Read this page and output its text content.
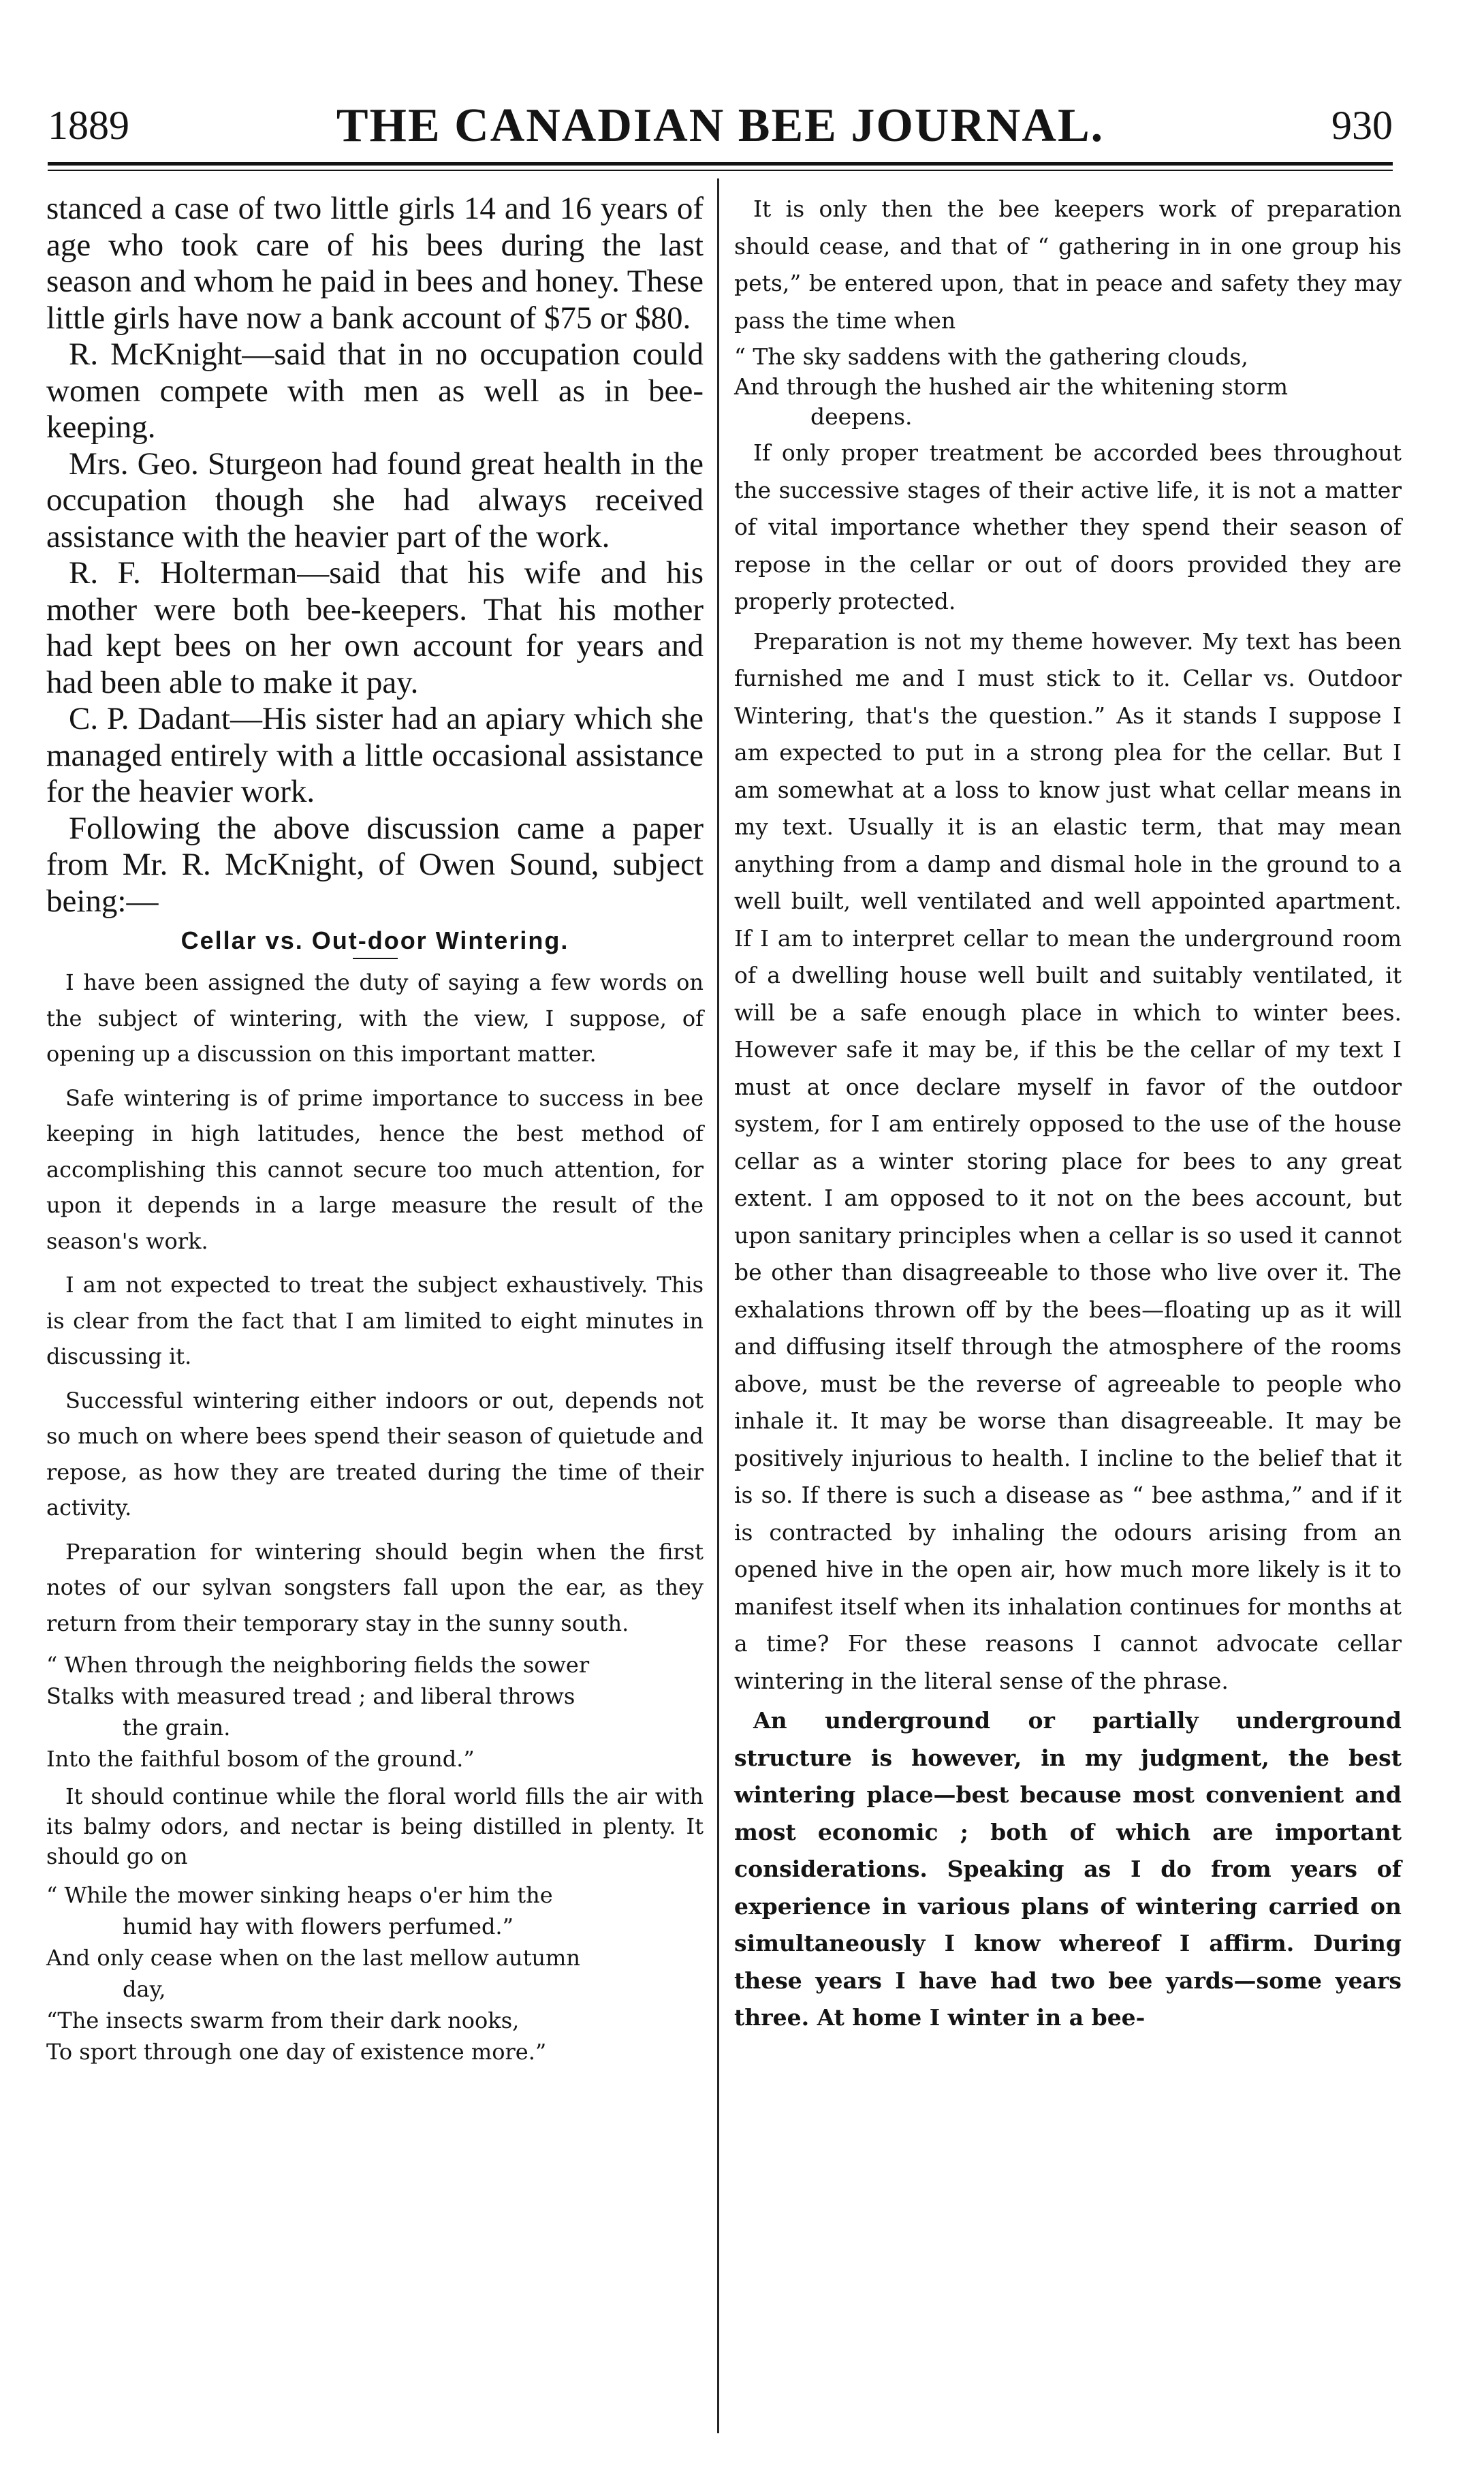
1889	THE CANADIAN BEE JOURNAL.	930

stanced a case of two little girls 14 and 16 years of age who took care of his bees during the last season and whom he paid in bees and honey. These little girls have now a bank account of $75 or $80.

R. McKnight—said that in no occupation could women compete with men as well as in bee-keeping.

Mrs. Geo. Sturgeon had found great health in the occupation though she had always received assistance with the heavier part of the work.

R. F. Holterman—said that his wife and his mother were both bee-keepers. That his mother had kept bees on her own account for years and had been able to make it pay.

C. P. Dadant—His sister had an apiary which she managed entirely with a little occasional assistance for the heavier work.

Following the above discussion came a paper from Mr. R. McKnight, of Owen Sound, subject being:—

Cellar vs. Out-door Wintering.

I have been assigned the duty of saying a few words on the subject of wintering, with the view, I suppose, of opening up a discussion on this important matter.

Safe wintering is of prime importance to success in bee keeping in high latitudes, hence the best method of accomplishing this cannot secure too much attention, for upon it depends in a large measure the result of the season's work.

I am not expected to treat the subject exhaustively. This is clear from the fact that I am limited to eight minutes in discussing it.

Successful wintering either indoors or out, depends not so much on where bees spend their season of quietude and repose, as how they are treated during the time of their activity.

Preparation for wintering should begin when the first notes of our sylvan songsters fall upon the ear, as they return from their temporary stay in the sunny south.

“ When through the neighboring fields the sower
Stalks with measured tread ; and liberal throws
the grain.
Into the faithful bosom of the ground.”

It should continue while the floral world fills the air with its balmy odors, and nectar is being distilled in plenty. It should go on

“ While the mower sinking heaps o'er him the
humid hay with flowers perfumed.”
And only cease when on the last mellow autumn
day,
“The insects swarm from their dark nooks,
To sport through one day of existence more.”

It is only then the bee keepers work of preparation should cease, and that of “ gathering in in one group his pets,” be entered upon, that in peace and safety they may pass the time when

“ The sky saddens with the gathering clouds,
And through the hushed air the whitening storm
deepens.

If only proper treatment be accorded bees throughout the successive stages of their active life, it is not a matter of vital importance whether they spend their season of repose in the cellar or out of doors provided they are properly protected.

Preparation is not my theme however. My text has been furnished me and I must stick to it. Cellar vs. Outdoor Wintering, that's the question.” As it stands I suppose I am expected to put in a strong plea for the cellar. But I am somewhat at a loss to know just what cellar means in my text. Usually it is an elastic term, that may mean anything from a damp and dismal hole in the ground to a well built, well ventilated and well appointed apartment. If I am to interpret cellar to mean the underground room of a dwelling house well built and suitably ventilated, it will be a safe enough place in which to winter bees. However safe it may be, if this be the cellar of my text I must at once declare myself in favor of the outdoor system, for I am entirely opposed to the use of the house cellar as a winter storing place for bees to any great extent. I am opposed to it not on the bees account, but upon sanitary principles when a cellar is so used it cannot be other than disagreeable to those who live over it. The exhalations thrown off by the bees—floating up as it will and diffusing itself through the atmosphere of the rooms above, must be the reverse of agreeable to people who inhale it. It may be worse than disagreeable. It may be positively injurious to health. I incline to the belief that it is so. If there is such a disease as “ bee asthma,” and if it is contracted by inhaling the odours arising from an opened hive in the open air, how much more likely is it to manifest itself when its inhalation continues for months at a time? For these reasons I cannot advocate cellar wintering in the literal sense of the phrase.

An underground or partially underground structure is however, in my judgment, the best wintering place—best because most convenient and most economic ; both of which are important considerations. Speaking as I do from years of experience in various plans of wintering carried on simultaneously I know whereof I affirm. During these years I have had two bee yards—some years three. At home I winter in a bee-
